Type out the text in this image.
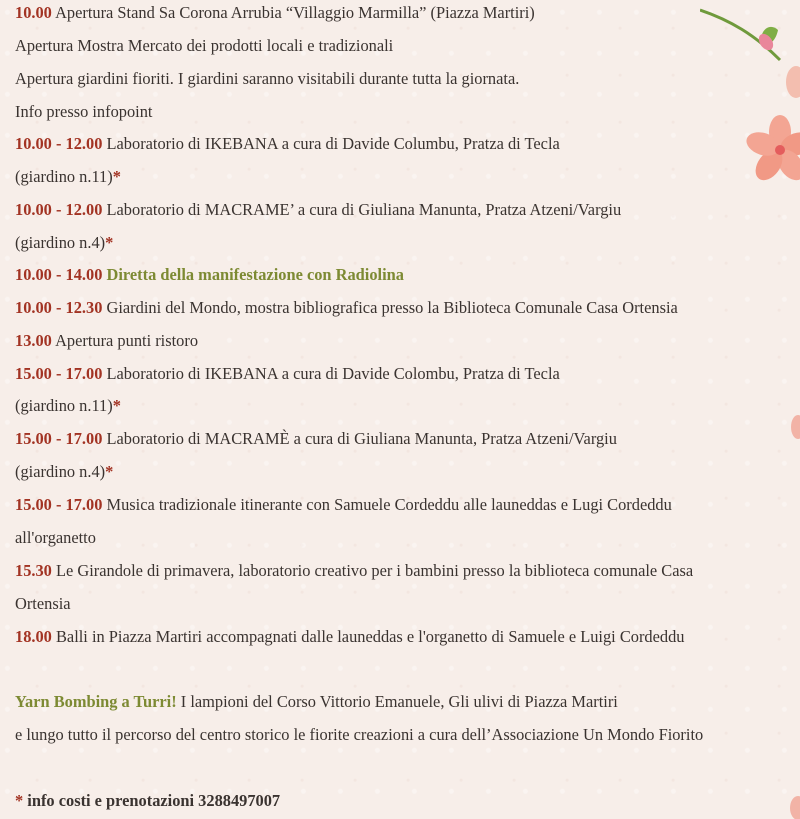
10.00 Apertura Stand Sa Corona Arrubia “Villaggio Marmilla” (Piazza Martiri)
Apertura Mostra Mercato dei prodotti locali e tradizionali
Apertura giardini fioriti. I giardini saranno visitabili durante tutta la giornata.
Info presso infopoint
10.00 - 12.00 Laboratorio di IKEBANA a cura di Davide Columbu, Pratza di Tecla
(giardino n.11)*
10.00 - 12.00 Laboratorio di MACRAME’ a cura di Giuliana Manunta, Pratza Atzeni/Vargiu
(giardino n.4)*
10.00 - 14.00 Diretta della manifestazione con Radiolina
10.00 - 12.30 Giardini del Mondo, mostra bibliografica presso la Biblioteca Comunale Casa Ortensia
13.00 Apertura punti ristoro
15.00 - 17.00 Laboratorio di IKEBANA a cura di Davide Colombu, Pratza di Tecla
(giardino n.11)*
15.00 - 17.00 Laboratorio di MACRAMÈ a cura di Giuliana Manunta, Pratza Atzeni/Vargiu
(giardino n.4)*
15.00 - 17.00 Musica tradizionale itinerante con Samuele Cordeddu alle launeddas e Lugi Cordeddu
all'organetto
15.30 Le Girandole di primavera, laboratorio creativo per i bambini presso la biblioteca comunale Casa
Ortensia
18.00 Balli in Piazza Martiri accompagnati dalle launeddas e l'organetto di Samuele e Luigi Cordeddu
Yarn Bombing a Turri! I lampioni del Corso Vittorio Emanuele, Gli ulivi di Piazza Martiri
e lungo tutto il percorso del centro storico le fiorite creazioni a cura dell’Associazione Un Mondo Fiorito
* info costi e prenotazioni 3288497007
